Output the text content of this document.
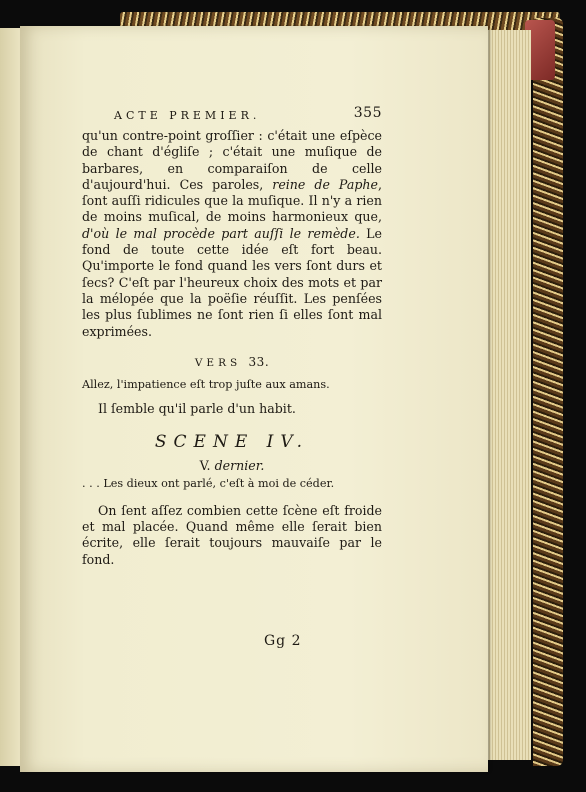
ACTE PREMIER.	355

qu'un contre-point groſſier : c'était une eſpèce de chant d'égliſe ; c'était une muſique de barbares, en comparaiſon de celle d'aujourd'hui. Ces paroles, reine de Paphe, ſont auſſi ridicules que la muſique. Il n'y a rien de moins muſical, de moins harmonieux que, d'où le mal procède part auſſi le remède. Le fond de toute cette idée eſt fort beau. Qu'importe le fond quand les vers ſont durs et ſecs? C'eſt par l'heureux choix des mots et par la mélopée que la poëſie réuſſit. Les penſées les plus ſublimes ne ſont rien ſi elles ſont mal exprimées.

VERS 33.

Allez, l'impatience eſt trop juſte aux amans.

Il ſemble qu'il parle d'un habit.

SCENE IV.
V. dernier.

. . . Les dieux ont parlé, c'eſt à moi de céder.

On ſent aſſez combien cette ſcène eſt froide et mal placée. Quand même elle ſerait bien écrite, elle ſerait toujours mauvaiſe par le fond.

Gg 2
